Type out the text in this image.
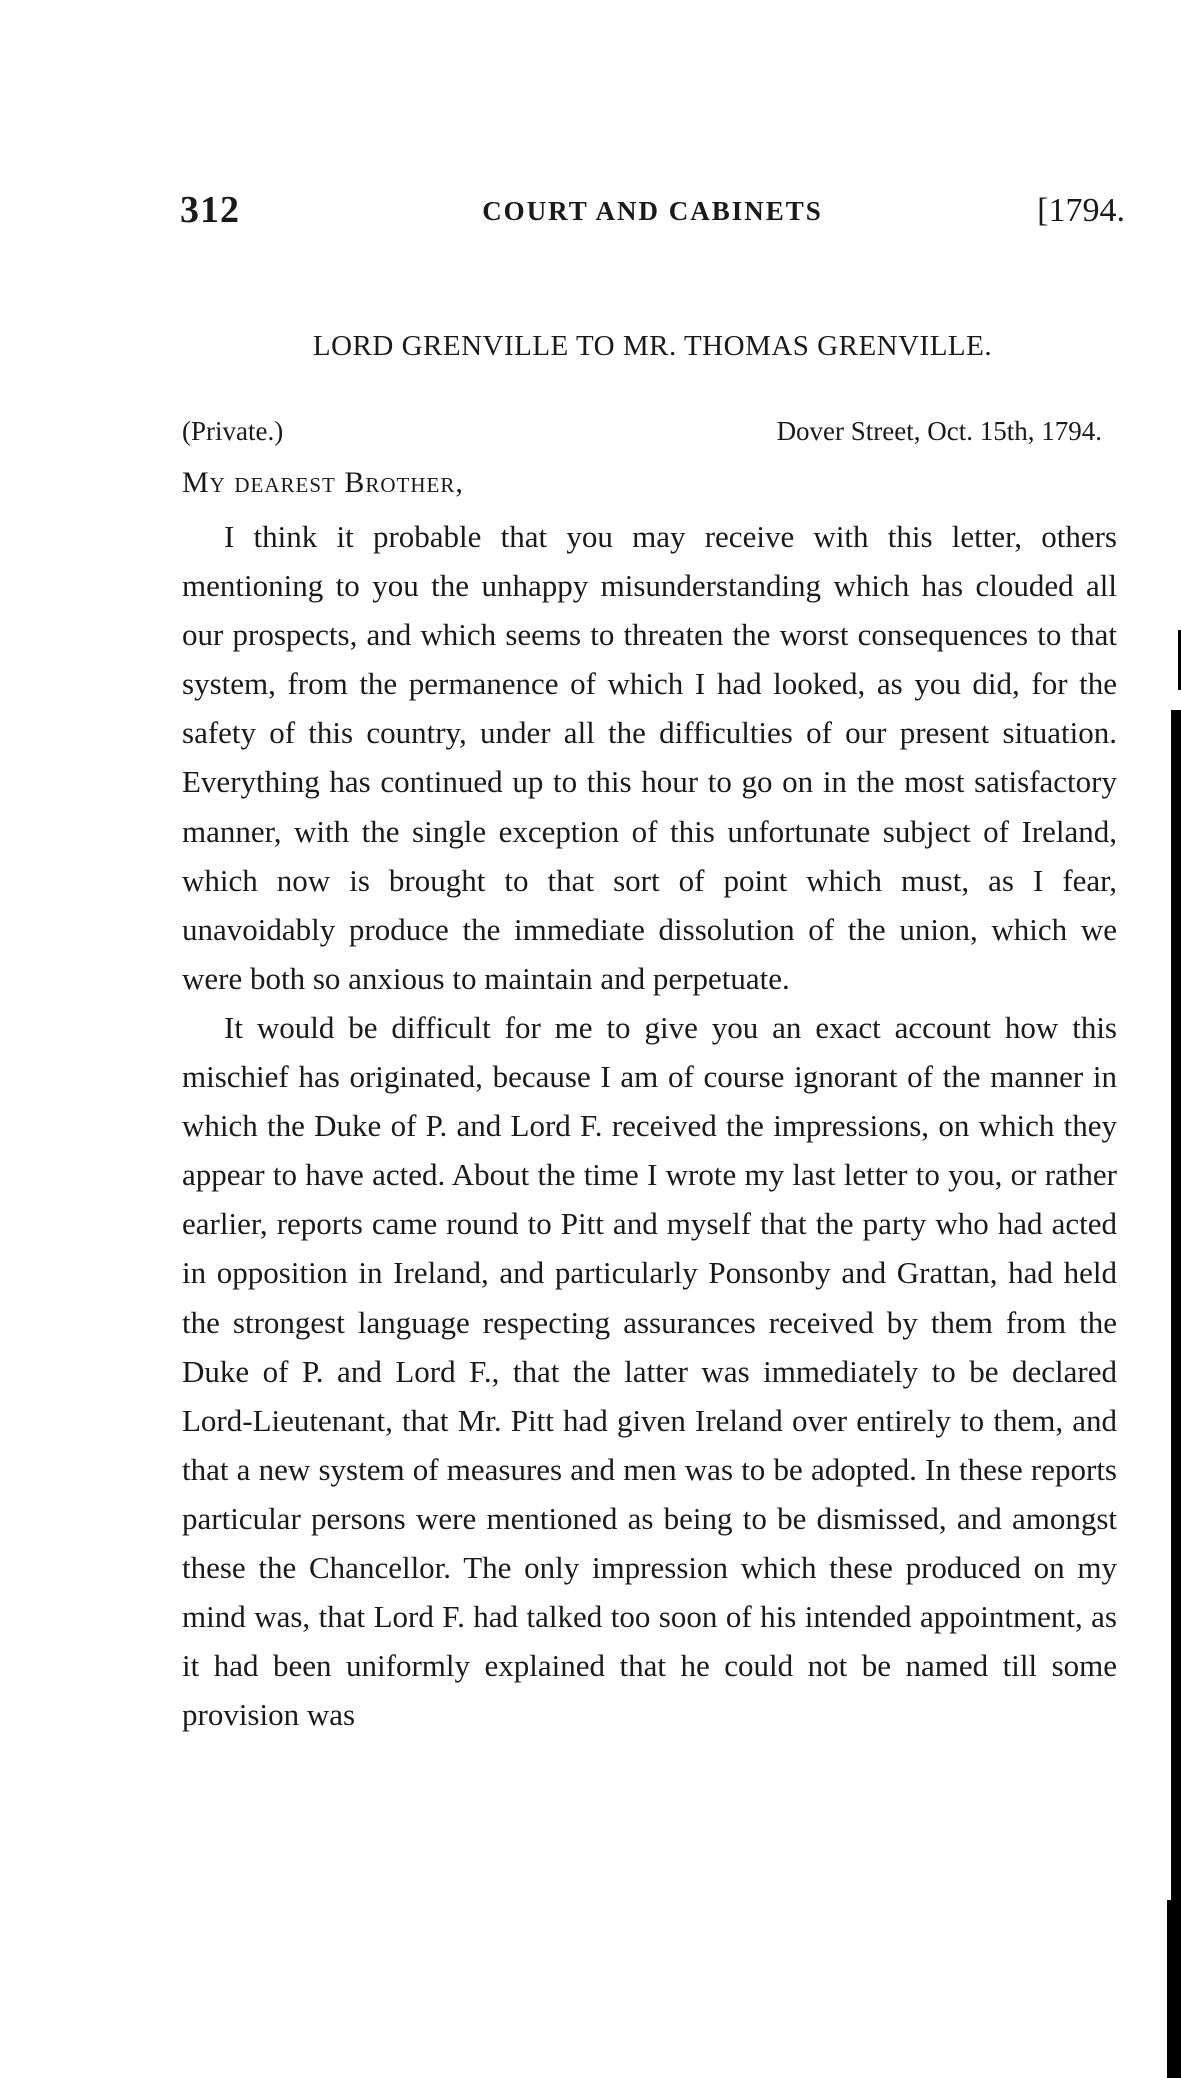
312	COURT AND CABINETS	[1794.
LORD GRENVILLE TO MR. THOMAS GRENVILLE.
(Private.)	Dover Street, Oct. 15th, 1794.
My dearest Brother,

I think it probable that you may receive with this letter, others mentioning to you the unhappy misunderstanding which has clouded all our prospects, and which seems to threaten the worst consequences to that system, from the permanence of which I had looked, as you did, for the safety of this country, under all the difficulties of our present situation. Everything has continued up to this hour to go on in the most satisfactory manner, with the single exception of this unfortunate subject of Ireland, which now is brought to that sort of point which must, as I fear, unavoidably produce the immediate dissolution of the union, which we were both so anxious to maintain and perpetuate.

It would be difficult for me to give you an exact account how this mischief has originated, because I am of course ignorant of the manner in which the Duke of P. and Lord F. received the impressions, on which they appear to have acted. About the time I wrote my last letter to you, or rather earlier, reports came round to Pitt and myself that the party who had acted in opposition in Ireland, and particularly Ponsonby and Grattan, had held the strongest language respecting assurances received by them from the Duke of P. and Lord F., that the latter was immediately to be declared Lord-Lieutenant, that Mr. Pitt had given Ireland over entirely to them, and that a new system of measures and men was to be adopted. In these reports particular persons were mentioned as being to be dismissed, and amongst these the Chancellor. The only impression which these produced on my mind was, that Lord F. had talked too soon of his intended appointment, as it had been uniformly explained that he could not be named till some provision was
